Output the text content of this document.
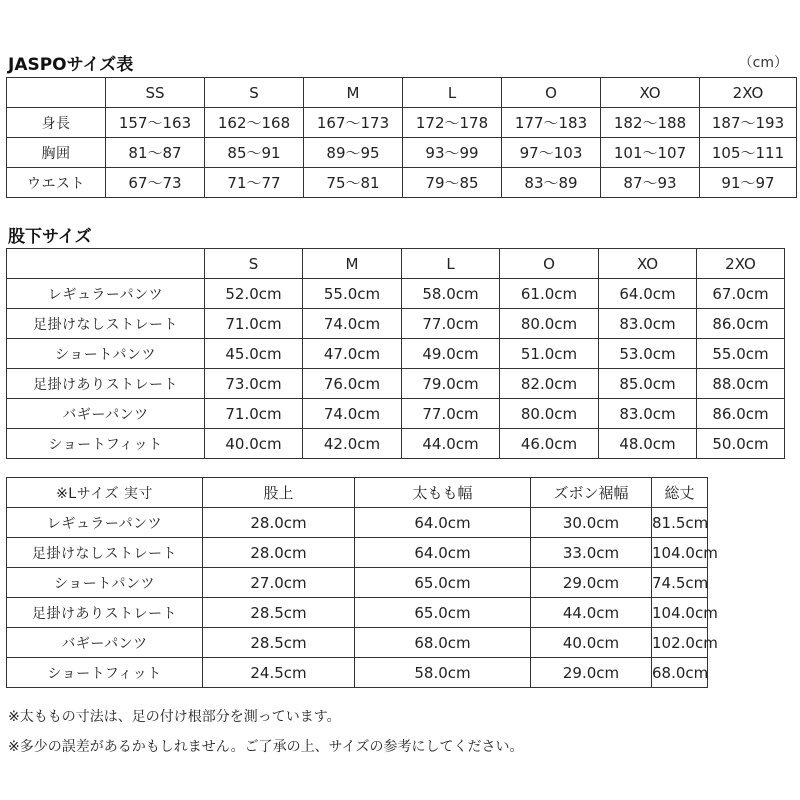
JASPOサイズ表	（cm）
	SS	S	M	L	O	XO	2XO
身長	157〜163	162〜168	167〜173	172〜178	177〜183	182〜188	187〜193
胸囲	81〜87	85〜91	89〜95	93〜99	97〜103	101〜107	105〜111
ウエスト	67〜73	71〜77	75〜81	79〜85	83〜89	87〜93	91〜97
股下サイズ
	S	M	L	O	XO	2XO
レギュラーパンツ	52.0cm	55.0cm	58.0cm	61.0cm	64.0cm	67.0cm
足掛けなしストレート	71.0cm	74.0cm	77.0cm	80.0cm	83.0cm	86.0cm
ショートパンツ	45.0cm	47.0cm	49.0cm	51.0cm	53.0cm	55.0cm
足掛けありストレート	73.0cm	76.0cm	79.0cm	82.0cm	85.0cm	88.0cm
バギーパンツ	71.0cm	74.0cm	77.0cm	80.0cm	83.0cm	86.0cm
ショートフィット	40.0cm	42.0cm	44.0cm	46.0cm	48.0cm	50.0cm
※Lサイズ 実寸	股上	太もも幅	ズボン裾幅	総丈
レギュラーパンツ	28.0cm	64.0cm	30.0cm	81.5cm
足掛けなしストレート	28.0cm	64.0cm	33.0cm	104.0cm
ショートパンツ	27.0cm	65.0cm	29.0cm	74.5cm
足掛けありストレート	28.5cm	65.0cm	44.0cm	104.0cm
バギーパンツ	28.5cm	68.0cm	40.0cm	102.0cm
ショートフィット	24.5cm	58.0cm	29.0cm	68.0cm
※太ももの寸法は、足の付け根部分を測っています。
※多少の誤差があるかもしれません。ご了承の上、サイズの参考にしてください。
